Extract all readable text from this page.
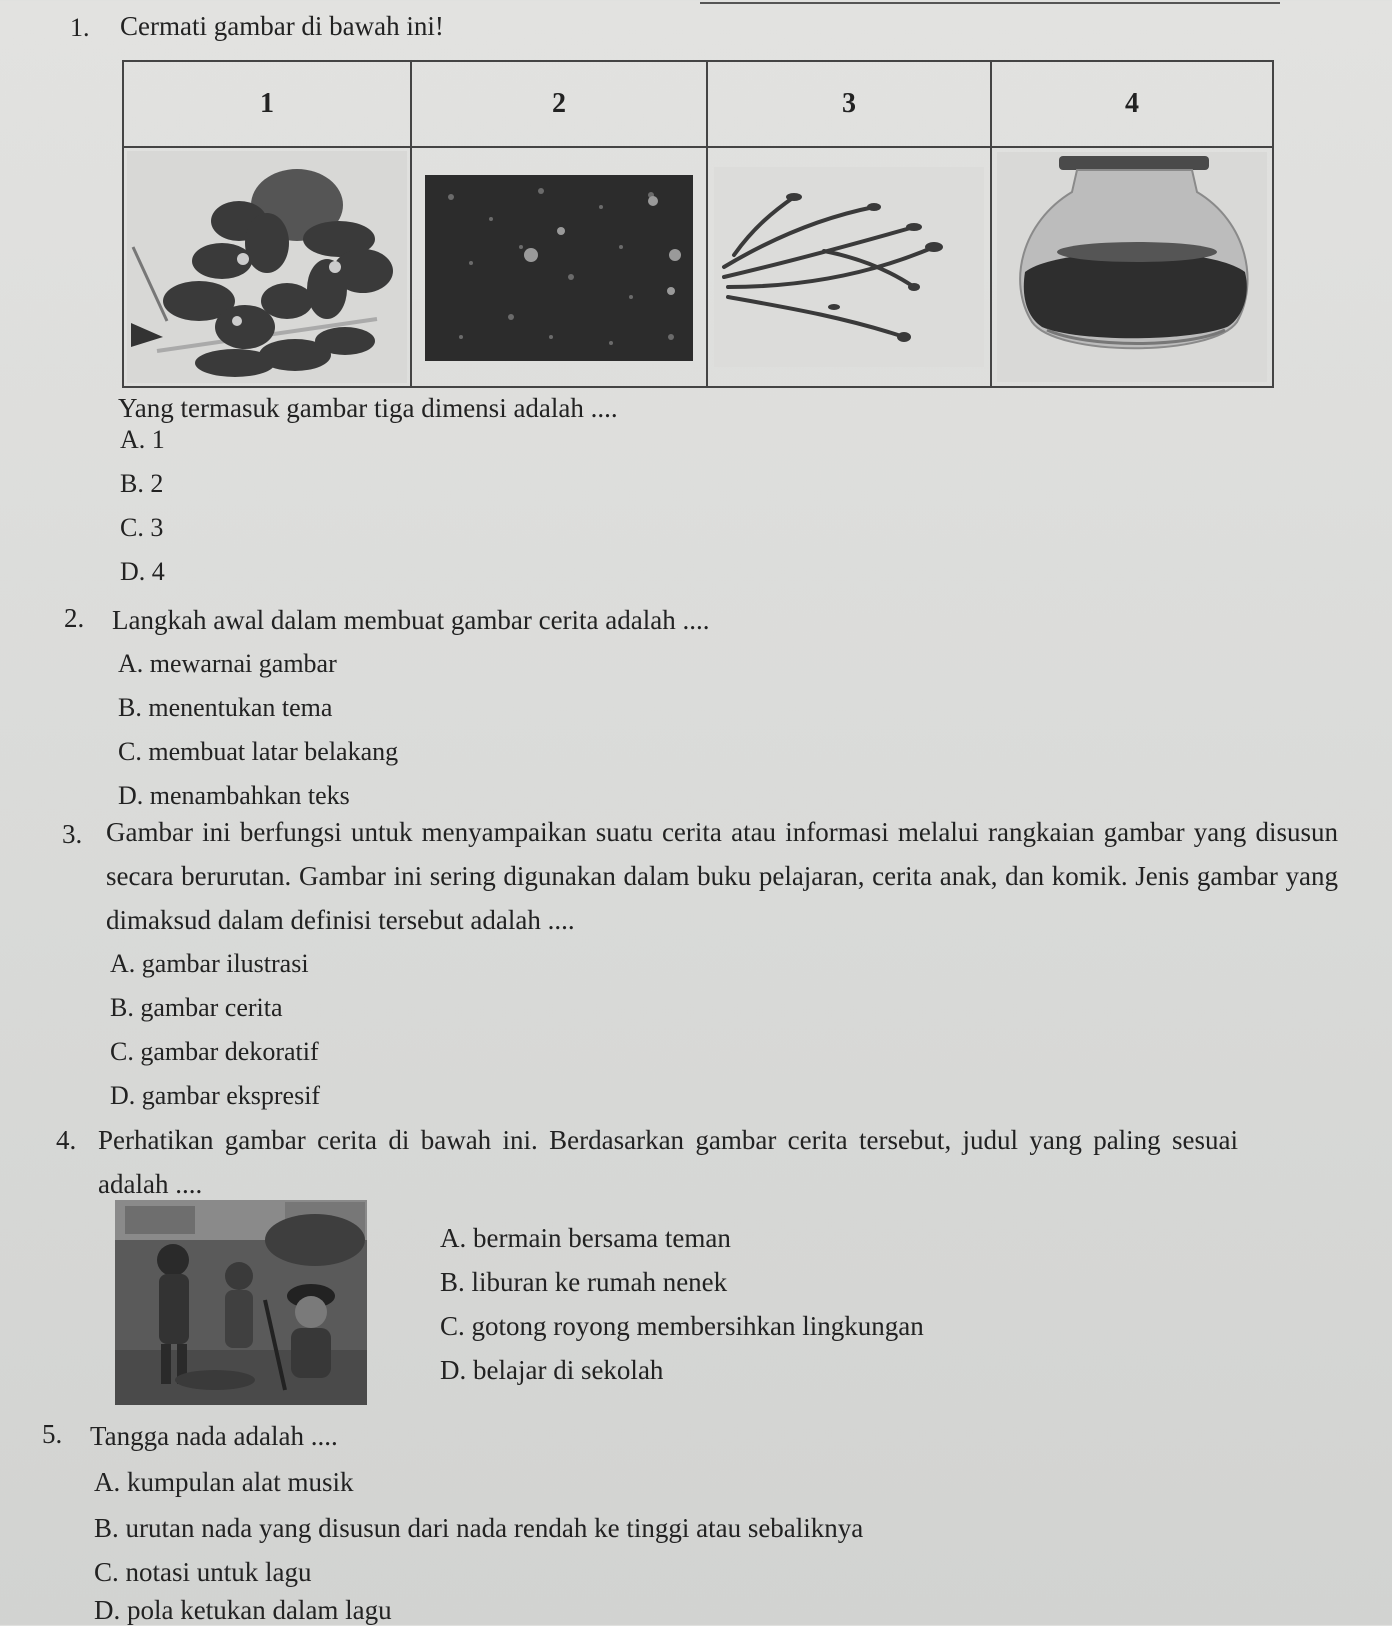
1. Cermati gambar di bawah ini!
1	2	3	4
Yang termasuk gambar tiga dimensi adalah ....
A. 1
B. 2
C. 3
D. 4
2. Langkah awal dalam membuat gambar cerita adalah ....
A. mewarnai gambar
B. menentukan tema
C. membuat latar belakang
D. menambahkan teks
3. Gambar ini berfungsi untuk menyampaikan suatu cerita atau informasi melalui rangkaian gambar yang disusun secara berurutan. Gambar ini sering digunakan dalam buku pelajaran, cerita anak, dan komik. Jenis gambar yang dimaksud dalam definisi tersebut adalah ....
A. gambar ilustrasi
B. gambar cerita
C. gambar dekoratif
D. gambar ekspresif
4. Perhatikan gambar cerita di bawah ini. Berdasarkan gambar cerita tersebut, judul yang paling sesuai adalah ....
A. bermain bersama teman
B. liburan ke rumah nenek
C. gotong royong membersihkan lingkungan
D. belajar di sekolah
5. Tangga nada adalah ....
A. kumpulan alat musik
B. urutan nada yang disusun dari nada rendah ke tinggi atau sebaliknya
C. notasi untuk lagu
D. pola ketukan dalam lagu
